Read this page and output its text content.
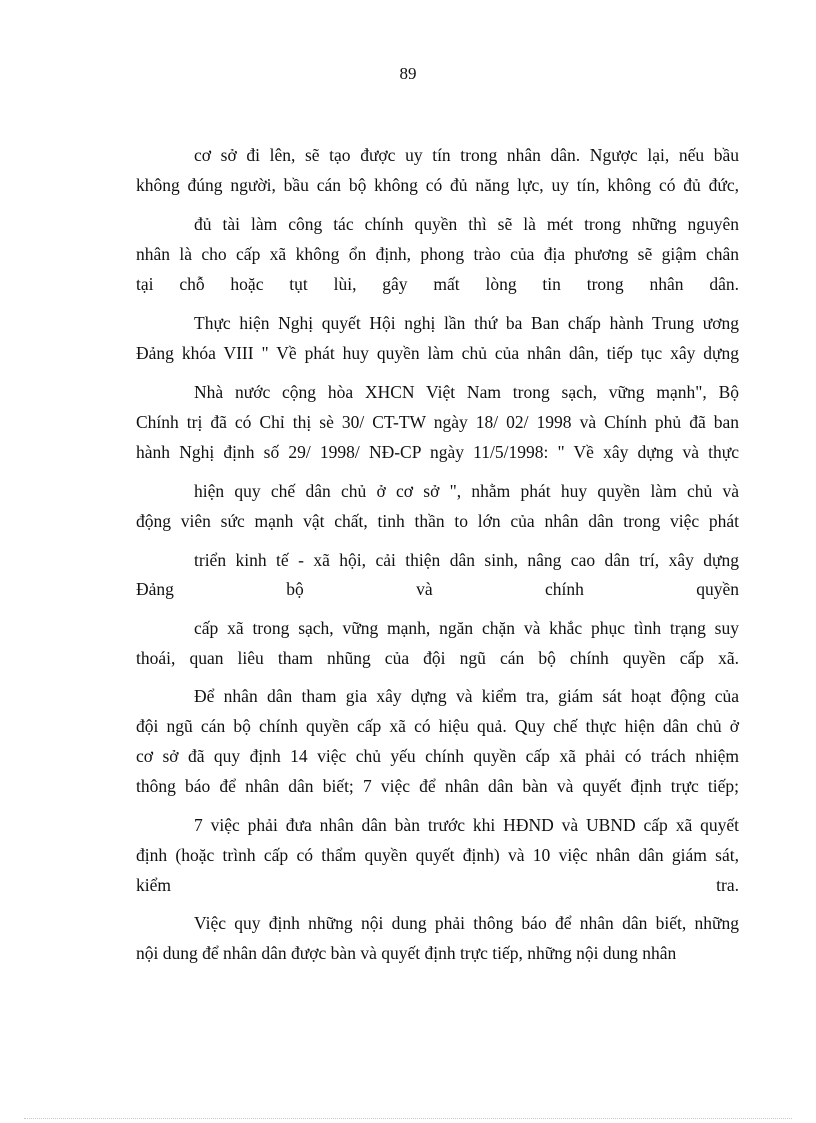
89
cơ sở đi lên, sẽ tạo được uy tín trong nhân dân. Ngược lại, nếu bầu
không đúng người, bầu cán bộ không có đủ năng lực, uy tín, không có đủ đức,
đủ tài làm công tác chính quyền thì sẽ là mét trong những nguyên
nhân là cho cấp xã không ổn định, phong trào của địa phương sẽ giậm chân
tại chỗ hoặc tụt lùi, gây mất lòng tin trong nhân dân.
Thực hiện Nghị quyết Hội nghị lần thứ ba Ban chấp hành Trung ương
Đảng khóa VIII " Về phát huy quyền làm chủ của nhân dân, tiếp tục xây dựng
Nhà nước cộng hòa XHCN Việt Nam trong sạch, vững mạnh", Bộ
Chính trị đã có Chỉ thị sè 30/ CT-TW ngày 18/ 02/ 1998 và Chính phủ đã ban
hành Nghị định số 29/ 1998/ NĐ-CP ngày 11/5/1998: " Về xây dựng và thực
hiện quy chế dân chủ ở cơ sở ", nhằm phát huy quyền làm chủ và
động viên sức mạnh vật chất, tinh thần to lớn của nhân dân trong việc phát
triển kinh tế - xã hội, cải thiện dân sinh, nâng cao dân trí, xây dựng
Đảng bộ và chính quyền
cấp xã trong sạch, vững mạnh, ngăn chặn và khắc phục tình trạng suy
thoái, quan liêu tham nhũng của đội ngũ cán bộ chính quyền cấp xã.
Để nhân dân tham gia xây dựng và kiểm tra, giám sát hoạt động của
đội ngũ cán bộ chính quyền cấp xã có hiệu quả. Quy chế thực hiện dân chủ ở
cơ sở đã quy định 14 việc chủ yếu chính quyền cấp xã phải có trách nhiệm
thông báo để nhân dân biết; 7 việc để nhân dân bàn và quyết định trực tiếp;
7 việc phải đưa nhân dân bàn trước khi HĐND và UBND cấp xã quyết
định (hoặc trình cấp có thẩm quyền quyết định) và 10 việc nhân dân giám sát,
kiểm tra.
Việc quy định những nội dung phải thông báo để nhân dân biết, những
nội dung để nhân dân được bàn và quyết định trực tiếp, những nội dung nhân
